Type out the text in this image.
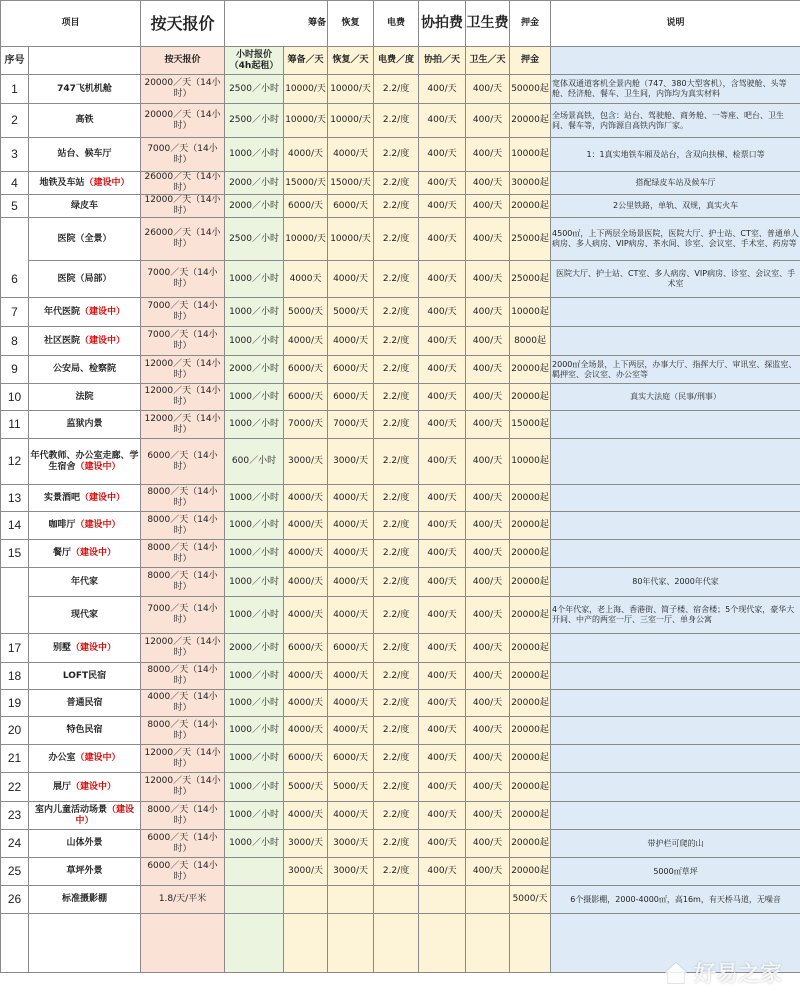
项目		按天报价	筹备		恢复	电费	协拍费	卫生费	押金	说明
序号		按天报价	小时报价（4h起租）	筹备／天	恢复／天	电费／度	协拍／天	卫生／天	押金	
1	747飞机机舱	20000／天（14小时）	2500／小时	10000/天	10000/天	2.2/度	400/天	400/天	50000起	宽体双通道客机全景内舱（747、380大型客机），含驾驶舱、头等舱、经济舱、餐车、卫生间，内饰均为真实材料
2	高铁	20000／天（14小时）	2500／小时	10000/天	10000/天	2.2/度	400/天	400/天	20000起	全场景高铁，包含：站台、驾驶舱、商务舱、一等座、吧台、卫生间、餐车等，内饰源自高铁内饰厂家。
3	站台、候车厅	7000／天（14小时）	1000／小时	4000/天	4000/天	2.2/度	400/天	400/天	10000起	1：1真实地铁车厢及站台，含双向扶梯、检票口等
4	地铁及车站（建设中）	26000／天（14小时）	2000／小时	15000/天	15000/天	2.2/度	400/天	400/天	30000起	搭配绿皮车站及候车厅
5	绿皮车	12000／天（14小时）	2000／小时	6000/天	6000/天	2.2/度	400/天	400/天	20000起	2公里铁路，单轨、双规，真实火车
6	医院（全景）	26000／天（14小时）	2500／小时	10000/天	10000/天	2.2/度	400/天	400/天	25000起	4500㎡，上下两层全场景医院，医院大厅、护士站、CT室、普通单人病房、多人病房、VIP病房、茶水间、诊室、会议室、手术室、药房等
	医院（局部）	7000／天（14小时）	1000／小时	4000天	4000/天	2.2/度	400/天	400/天	25000起	医院大厅、护士站、CT室、多人病房、VIP病房、诊室、会议室、手术室
7	年代医院（建设中）	7000／天（14小时）	1000／小时	5000/天	5000/天	2.2/度	400/天	400/天	10000起	
8	社区医院（建设中）	7000／天（14小时）	1000／小时	4000/天	4000/天	2.2/度	400/天	400/天	8000起	
9	公安局、检察院	12000／天（14小时）	2000／小时	6000/天	6000/天	2.2/度	400/天	400/天	20000起	2000㎡全场景，上下两层，办事大厅、指挥大厅、审讯室、探监室、羁押室、会议室、办公室等
10	法院	12000／天（14小时）	1000／小时	6000/天	6000/天	2.2/度	400/天	400/天	20000起	真实大法庭（民事/刑事）
11	监狱内景	12000／天（14小时）	1000／小时	7000/天	7000/天	2.2/度	400/天	400/天	15000起	
12	年代教师、办公室走廊、学生宿舍（建设中）	6000／天（14小时）	600／小时	3000/天	3000/天	2.2/度	400/天	400/天	10000起	
13	实景酒吧（建设中）	8000／天（14小时）	1000／小时	4000/天	4000/天	2.2/度	400/天	400/天	20000起	
14	咖啡厅（建设中）	8000／天（14小时）	1000／小时	4000/天	4000/天	2.2/度	400/天	400/天	20000起	
15	餐厅（建设中）	8000／天（14小时）	1000／小时	4000/天	4000/天	2.2/度	400/天	400/天	20000起	
	年代家	8000／天（14小时）	1000／小时	4000/天	4000/天	2.2/度	400/天	400/天	20000起	80年代家、2000年代家
	现代家	7000／天（14小时）	1000／小时	4000/天	4000/天	2.2/度	400/天	400/天	20000起	4个年代家，老上海、香港街、简子楼、宿舍楼；5个现代家，豪华大开间、中产的两室一厅、三室一厅、单身公寓
17	别墅（建设中）	12000／天（14小时）	2000／小时	6000/天	6000/天	2.2/度	400/天	400/天	20000起	
18	LOFT民宿	8000／天（14小时）	1000／小时	4000/天	4000/天	2.2/度	400/天	400/天	20000起	
19	普通民宿	4000／天（14小时）	1000／小时	4000/天	4000/天	2.2/度	400/天	400/天	20000起	
20	特色民宿	8000／天（14小时）	1000／小时	4000/天	4000/天	2.2/度	400/天	400/天	20000起	
21	办公室（建设中）	12000／天（14小时）	1000／小时	6000/天	6000/天	2.2/度	400/天	400/天	20000起	
22	展厅（建设中）	12000／天（14小时）	1000／小时	5000/天	5000/天	2.2/度	400/天	400/天	20000起	
23	室内儿童活动场景（建设中）	8000／天（14小时）	1000／小时	4000/天	4000/天	2.2/度	400/天	400/天	20000起	
24	山体外景	6000／天（14小时）	1000／小时	3000/天	3000/天	2.2/度	400/天	400/天	20000起	带护栏可爬的山
25	草坪外景	6000／天（14小时）		3000/天	3000/天	2.2/度	400/天	400/天	20000起	5000㎡草坪
26	标准摄影棚	1.8/天/平米							5000/天	6个摄影棚，2000-4000㎡，高16m，有天桥马道，无噪音

好易之家
